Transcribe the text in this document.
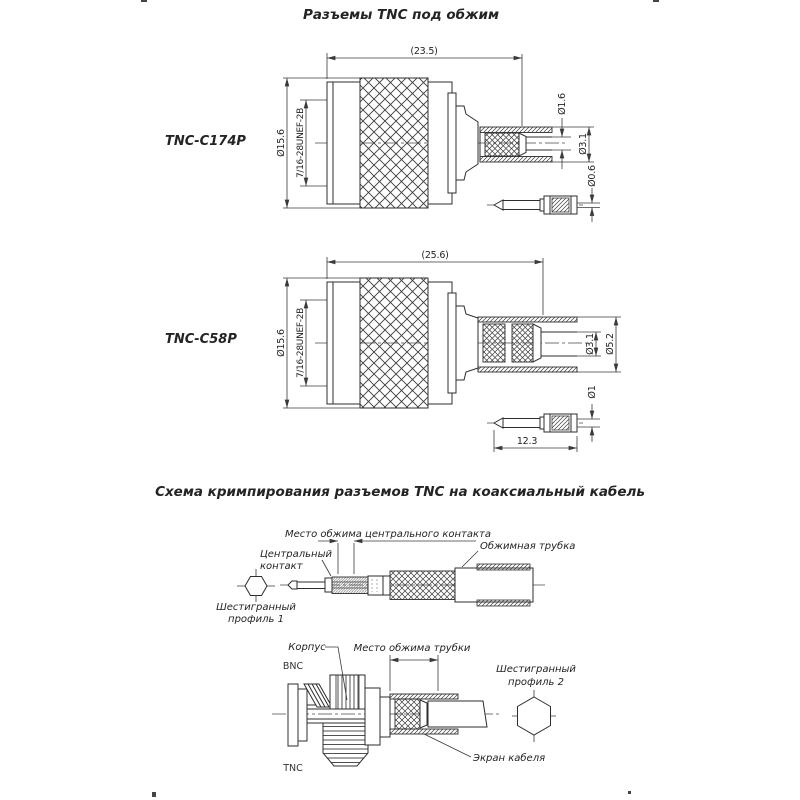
Разъемы TNC под обжим
TNC-C174P
(23.5)
Ø15.6 7/16-28UNEF-2B
Ø1.6
Ø3.1
Ø0.6
TNC-C58P
(25.6)
Ø15.6 7/16-28UNEF-2B	Ø3.1 Ø5.2
Ø1
12.3
Схема кримпирования разъемов TNC на коаксиальный кабель
Место обжима центрального контакта
Центральный
контакт
Обжимная трубка
Шестигранный
профиль 1
Корпус	Место обжима трубки
BNC
TNC
Экран кабеля
Шестигранный
профиль 2
